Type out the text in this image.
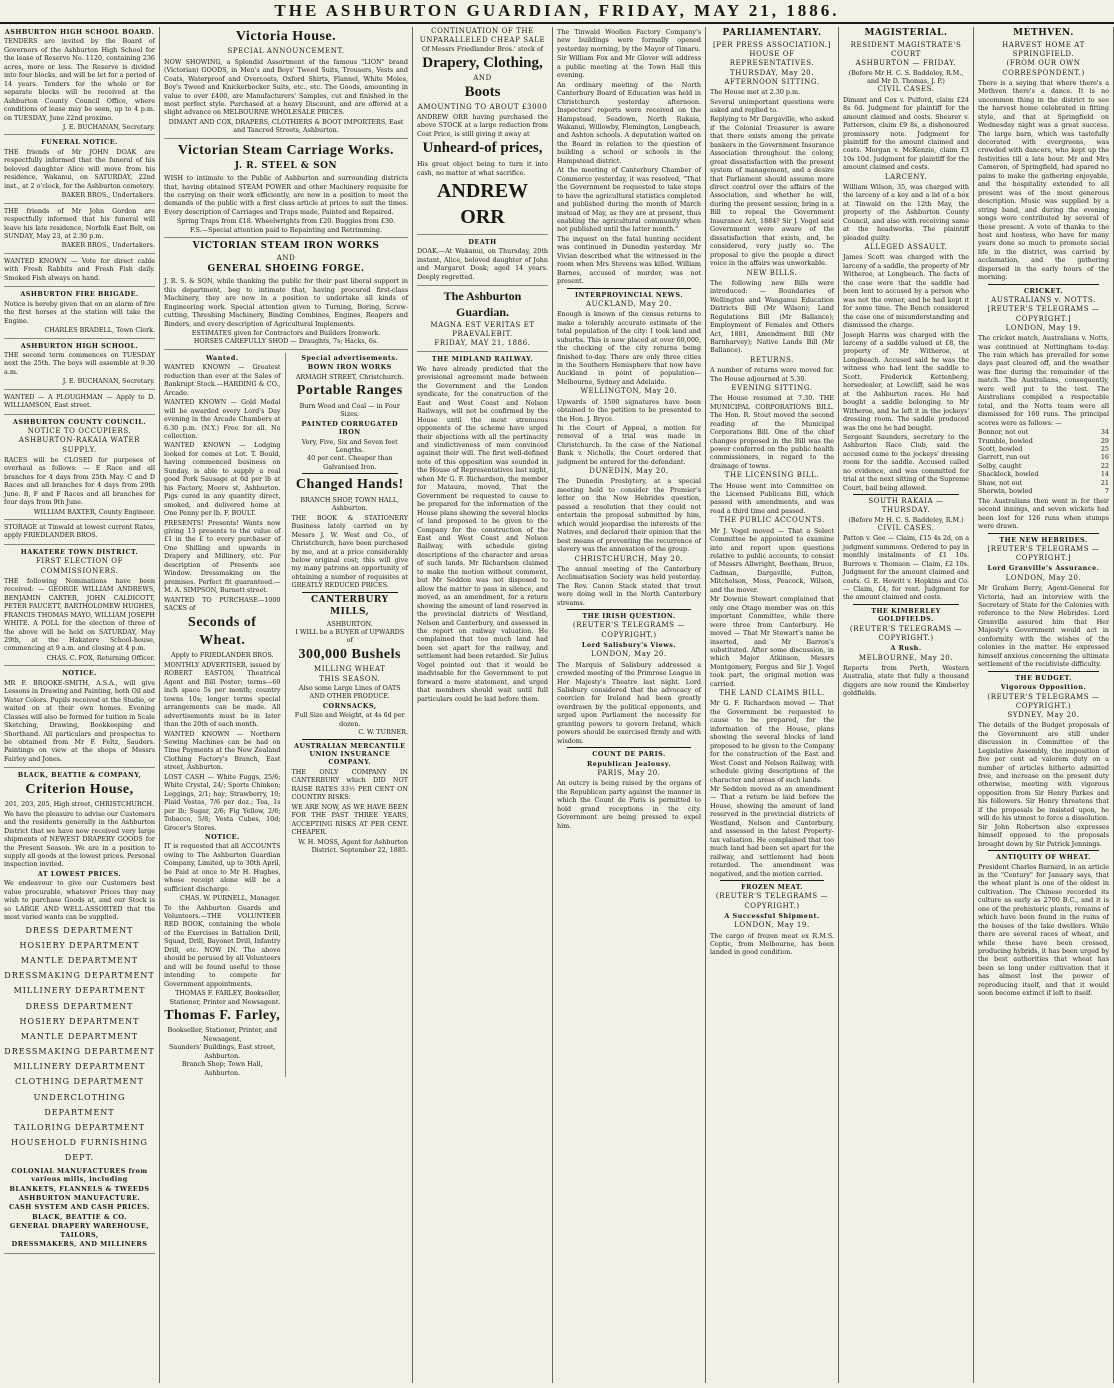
THE ASHBURTON GUARDIAN, FRIDAY, MAY 21, 1886.
ASHBURTON HIGH SCHOOL BOARD.
TENDERS are invited by the Board of Governors of the Ashburton High School for the lease of Reserve No. 1120, containing 236 acres, more or less. The Reserve is divided into four blocks, and will be let for a period of 14 years. Tenders for the whole or for separate blocks will be received at the Ashburton County Council Office, where conditions of lease may be seen, up to 4 p.m. on TUESDAY, June 22nd proximo.
J. E. BUCHANAN, Secretary.
FUNERAL NOTICE.
THE friends of Mr JOHN DOAK are respectfully informed that the funeral of his beloved daughter Alice will move from his residence, Wakanui, on SATURDAY, 22nd inst., at 2 o'clock, for the Ashburton cemetery.
BAKER BROS., Undertakers.
THE friends of Mr John Gordon are respectfully informed that his funeral will leave his late residence, Norfolk East Belt, on SUNDAY, May 23, at 2.30 p.m.
BAKER BROS., Undertakers.
WANTED KNOWN — Vote for direct cable with Fresh Rabbits and Fresh Fish daily. Smoked Fish always on hand.
ASHBURTON FIRE BRIGADE.
Notice is hereby given that on an alarm of fire the first horses at the station will take the Engine.
CHARLES BRADELL, Town Clerk.
ASHBURTON HIGH SCHOOL.
THE second term commences on TUESDAY next the 25th. The boys will assemble at 9.30 a.m.
J. E. BUCHANAN, Secretary.
WANTED — A PLOUGHMAN — Apply to D. WILLIAMSON, East street.
ASHBURTON COUNTY COUNCIL.
NOTICE TO OCCUPIERS.
ASHBURTON-RAKAIA WATER SUPPLY.
RACES will be CLOSED for purposes of overhaul as follows: — E Race and all branches for 4 days from 25th May. C and D Races and all branches for 4 days from 29th June. B, F and F Races and all branches for four days from 9th June.
WILLIAM BAXTER, County Engineer.
STORAGE at Tinwald at lowest current Rates, apply FRIEDLANDER BROS.
HAKATERE TOWN DISTRICT.
FIRST ELECTION OF COMMISSIONERS.
THE following Nominations have been received: — GEORGE WILLIAM ANDREWS, BENJAMIN CARTER, JOHN CALDICOTT, PETER FAUCETT, BARTHOLOMEW HUGHES, FRANCIS THOMAS MAYO, WILLIAM JOSEPH WHITE. A POLL for the election of three of the above will be held on SATURDAY, May 29th, at the Hakatere School-house, commencing at 9 a.m. and closing at 4 p.m.
CHAS. C. FOX, Returning Officer.
NOTICE.
MR F. BROOKE-SMITH, A.S.A., will give Lessons in Drawing and Painting, both Oil and Water Colors. Pupils received at the Studio, or waited on at their own homes. Evening Classes will also be formed for tuition in Scale Sketching, Drawing, Bookkeeping and Shorthand. All particulars and prospectus to be obtained from Mr F. Feltz, Sauders. Paintings on view at the shops of Messrs Fairley and Jones.
BLACK, BEATTIE & COMPANY,
Criterion House,
201, 203, 205, High street, CHRISTCHURCH.
We have the pleasure to advise our Customers and the residents generally in the Ashburton District that we have now received very large shipments of NEWEST DRAPERY GOODS for the Present Season. We are in a position to supply all goods at the lowest prices. Personal inspection invited.
AT LOWEST PRICES.
We endeavour to give our Customers best value procurable, whatever Prices they may wish to purchase Goods at, and our Stock is so LARGE AND WELL-ASSORTED that the most varied wants can be supplied.
DRESS DEPARTMENT
HOSIERY DEPARTMENT
MANTLE DEPARTMENT
DRESSMAKING DEPARTMENT
MILLINERY DEPARTMENT
DRESS DEPARTMENT
HOSIERY DEPARTMENT
MANTLE DEPARTMENT
DRESSMAKING DEPARTMENT
MILLINERY DEPARTMENT
CLOTHING DEPARTMENT
UNDERCLOTHING DEPARTMENT
TAILORING DEPARTMENT
HOUSEHOLD FURNISHING DEPT.
COLONIAL MANUFACTURES from various mills, including
BLANKETS, FLANNELS & TWEEDS
ASHBURTON MANUFACTURE.
CASH SYSTEM AND CASH PRICES.
BLACK, BEATTIE & CO.
GENERAL DRAPERY WAREHOUSE, TAILORS,
DRESSMAKERS, AND MILLINERS
Victoria House.
SPECIAL ANNOUNCEMENT.
NOW SHOWING, a Splendid Assortment of the famous "LION" brand (Victorian) GOODS, in Men's and Boys' Tweed Suits, Trousers, Vests and Coats, Waterproof and Overcoats, Oxford Shirts, Flannel, White Moles, Boy's Tweed and Knickerbocker Suits, etc., etc. The Goods, amounting in value to over £400, are Manufacturers' Samples, cut and finished in the most perfect style. Purchased at a heavy Discount, and are offered at a slight advance on MELBOURNE WHOLESALE PRICES.
DIMANT AND COX, DRAPERS, CLOTHIERS & BOOT IMPORTERS, East and Tancred Streets, Ashburton.
Victorian Steam Carriage Works.
J. R. STEEL & SON
WISH to intimate to the Public of Ashburton and surrounding districts that, having obtained STEAM POWER and other Machinery requisite for the carrying on their work efficiently, are now in a position to meet the demands of the public with a first class article at prices to suit the times. Every description of Carriages and Traps made, Painted and Repaired.
Spring Traps from £18. Wheelwrights from £20. Buggies from £30.
F.S.—Special attention paid to Repainting and Retrimming.
VICTORIAN STEAM IRON WORKS
AND
GENERAL SHOEING FORGE.
J. R. S. & SON, while thanking the public for their past liberal support in this department, beg to intimate that, having procured first-class Machinery, they are now in a position to undertake all kinds of Engineering work. Special attention given to Turning, Boring, Screw-cutting, Threshing Machinery, Binding Combines, Engines, Reapers and Binders, and every description of Agricultural Implements.
ESTIMATES given for Contractors and Builders Ironwork.
HORSES CAREFULLY SHOD — Draughts, 7s; Hacks, 6s.
Wanted.
WANTED KNOWN — Greatest reduction than ever at the Sales of Bankrupt Stock.—HARDING & CO., Arcade.
WANTED KNOWN — Gold Medal will be awarded every Lord's Day evening in the Arcade Chambers at 6.30 p.m. (N.Y.) Free for all. No collection.
WANTED KNOWN — Lodging looked for comes at Lot. T. Bould, having commenced business on Sunday, is able to supply a real good Pork Sausage at 6d per lb at his Factory, Moore st, Ashburton. Pigs cured in any quantity direct, smoked, and delivered home at One Penny per lb. F. BOULT.
PRESENTS! Presents! Wants now giving 13 presents to the value of £1 in the £ to every purchaser of One Shilling and upwards in Drapery and Millinery, etc. For description of Presents see Window. Dressmaking on the premises. Perfect fit guaranteed.—M. A. SIMPSON, Burnett street.
WANTED TO PURCHASE—1000 SACKS of
Seconds of Wheat.
Apply to FRIEDLANDER BROS.
MONTHLY ADVERTISER, issued by ROBERT EASTON, Theatrical Agent and Bill Poster; terms—60 inch space 5s per month; country towns 10s; longer terms special arrangements can be made. All advertisements must be in later than the 20th of each month.
WANTED KNOWN — Northern Sewing Machines can be had on Time Payments at the New Zealand Clothing Factory's Branch, East street, Ashburton.
LOST CASH — White Fuggs, 25/6; White Crystal, 24/; Sports Chinken; Leggings, 2/1; hay; Strawberry, 10; Plaid Vestas, 7/6 per doz.; Tea, 1s per lb; Sugar, 2/6; Fig Yellow, 2/6; Tobacco, 5/8; Vesta Cubes, 10d; Grocer's Stores.
NOTICE.
IT is requested that all ACCOUNTS owing to The Ashburton Guardian Company, Limited, up to 30th April, be Paid at once to Mr H. Hughes, whose receipt alone will be a sufficient discharge.
CHAS. W. PURNELL, Manager.
To the Ashburton Guards and Volunteers.—THE VOLUNTEER RED BOOK, containing the whole of the Exercises in Battalion Drill, Squad, Drill, Bayonet Drill, Infantry Drill, etc. NOW IN. The above should be perused by all Volunteers and will be found useful to those intending to compete for Government appointments.
THOMAS F. FARLEY, Bookseller, Stationer, Printer and Newsagent.
Thomas F. Farley,
Bookseller, Stationer, Printer, and Newsagent,
Saunders' Buildings, East street, Ashburton.
Branch Shop; Town Hall, Ashburton.
Special advertisements.
BOWN IRON WORKS
ARMAGH STREET, Christchurch.
Portable Ranges
Burn Wood and Coal — in Four Sizes.
PAINTED CORRUGATED IRON
Very, Five, Six and Seven feet Lengths.
40 per cent. Cheaper than Galvanised Iron.
Changed Hands!
BRANCH SHOP, TOWN HALL, Ashburton.
THE BOOK & STATIONERY Business lately carried on by Messrs J. W. West and Co., of Christchurch, have been purchased by me, and at a price considerably below original cost; this will give my many patrons an opportunity of obtaining a number of requisites at GREATLY REDUCED PRICES.
CANTERBURY MILLS,
ASHBURTON.
I WILL be a BUYER of UPWARDS of
300,000 Bushels
MILLING WHEAT
THIS SEASON.
Also some Large Lines of OATS AND OTHER PRODUCE.
CORNSACKS,
Full Size and Weight, at 4s 6d per dozen.
C. W. TURNER.
AUSTRALIAN MERCANTILE UNION INSURANCE COMPANY.
THE ONLY COMPANY IN CANTERBURY which DID NOT RAISE RATES 33½ PER CENT ON COUNTRY RISKS.
WE ARE NOW, AS WE HAVE BEEN FOR THE PAST THREE YEARS, ACCEPTING RISKS AT PER CENT. CHEAPER.
W. H. MOSS, Agent for Ashburton District. September 22, 1885.
CONTINUATION OF THE
UNPARALLELED CHEAP SALE
Of Messrs Friedlander Bros.' stock of
Drapery, Clothing,
AND
Boots
AMOUNTING TO ABOUT £3000
ANDREW ORR having purchased the above STOCK at a large reduction from Cost Price, is still giving it away at
Unheard-of prices,
His great object being to turn it into cash, no matter at what sacrifice.
ANDREW ORR
DEATH
DOAK.—At Wakanui, on Thursday, 20th instant, Alice, beloved daughter of John and Margaret Doak; aged 14 years. Deeply regretted.
The Ashburton Guardian.
MAGNA EST VERITAS ET PRAEVALEBIT.
FRIDAY, MAY 21, 1886.
THE MIDLAND RAILWAY.
We have already predicted that the provisional agreement made between the Government and the London syndicate, for the construction of the East and West Coast and Nelson Railways, will not be confirmed by the House until the most strenuous opponents of the scheme have urged their objections with all the pertinacity and vindictiveness of men convinced against their will. The first well-defined note of this opposition was sounded in the House of Representatives last night, when Mr G. F. Richardson, the member for Mataura, moved, That the Government be requested to cause to be prepared for the information of the House plans showing the several blocks of land proposed to be given to the Company for the construction of the East and West Coast and Nelson Railway, with schedule giving descriptions of the character and areas of such lands. Mr Richardson claimed to make the motion without comment, but Mr Seddon was not disposed to allow the matter to pass in silence, and moved, as an amendment, for a return showing the amount of land reserved in the provincial districts of Westland, Nelson and Canterbury, and assessed in the report on railway valuation. He complained that too much land had been set apart for the railway, and settlement had been retarded. Sir Julius Vogel pointed out that it would be inadvisable for the Government to put forward a mere statement, and urged that members should wait until full particulars could be laid before them.
The Tinwald Woollen Factory Company's new buildings were formally opened yesterday morning, by the Mayor of Timaru.
Sir William Fox and Mr Glover will address a public meeting at the Town Hall this evening.
An ordinary meeting of the North Canterbury Board of Education was held in Christchurch yesterday afternoon. Inspectors' reports were received on the Hampstead, Seadown, North Rakaia, Wakanui, Willowby, Flemington, Longbeach, and Ashton schools. A deputation waited on the Board in relation to the question of building a school or schools in the Hampstead district.
At the meeting of Canterbury Chamber of Commerce yesterday, it was resolved, "That the Government be requested to take steps to have the agricultural statistics completed and published during the month of March instead of May, as they are at present, thus enabling the agricultural community when not published until the latter month."
The inquest on the fatal hunting accident was continued in Dunedin yesterday. Mr Vivian described what the witnessed in the room when Mrs Stevens was killed. William Barnes, accused of murder, was not present.
INTERPROVINCIAL NEWS.
AUCKLAND, May 20.
Enough is known of the census returns to make a tolerably accurate estimate of the total population of the city: I took land and suburbs. This is now placed at over 60,000, the checking of the city returns being finished to-day. There are only three cities in the Southern Hemisphere that now have Auckland in point of population—Melbourne, Sydney and Adelaide.
WELLINGTON, May 20.
Upwards of 1500 signatures have been obtained to the petition to be presented to the Hon. J. Bryce.
In the Court of Appeal, a motion for removal of a trial was made in Christchurch. In the case of the National Bank v. Nicholls, the Court ordered that judgment be entered for the defendant.
DUNEDIN, May 20.
The Dunedin Presbytery, at a special meeting held to consider the Premier's letter on the New Hebrides question, passed a resolution that they could not entertain the proposal submitted by him, which would jeopardise the interests of the Natives, and declared their opinion that the best means of preventing the recurrence of slavery was the annexation of the group.
CHRISTCHURCH, May 20.
The annual meeting of the Canterbury Acclimatisation Society was held yesterday. The Rev. Canon Stack stated that trout were doing well in the North Canterbury streams.
THE IRISH QUESTION.
(REUTER'S TELEGRAMS — COPYRIGHT.)
Lord Salisbury's Views.
LONDON, May 20.
The Marquis of Salisbury addressed a crowded meeting of the Primrose League in Her Majesty's Theatre last night. Lord Salisbury considered that the advocacy of coercion for Ireland had been greatly overdrawn by the political opponents, and urged upon Parliament the necessity for granting powers to govern Ireland, which powers should be exercised firmly and with wisdom.
COUNT DE PARIS.
Republican Jealousy.
PARIS, May 20.
An outcry is being raised by the organs of the Republican party against the manner in which the Count de Paris is permitted to hold grand receptions in the city. Government are being pressed to expel him.
PARLIAMENTARY.
[PER PRESS ASSOCIATION.]
HOUSE OF REPRESENTATIVES.
THURSDAY, May 20.
AFTERNOON SITTING.
The House met at 2.30 p.m.
Several unimportant questions were asked and replied to.
Replying to Mr Dargaville, who asked if the Colonial Treasurer is aware that there exists among the private bankers in the Government Insurance Association throughout the colony, great dissatisfaction with the present system of management, and a desire that Parliament should assume more direct control over the affairs of the Association, and whether he will, during the present session, bring in a Bill to repeal the Government Insurance Act, 1884? Sir J. Vogel said Government were aware of the dissatisfaction that exists, and, he considered, very justly so. The proposal to give the people a direct voice in the affairs was unworkable.
NEW BILLS.
The following new Bills were introduced: — Boundaries of Wellington and Wanganui Education Districts Bill (Mr Wilson); Land Regulations Bill (Mr Ballance); Employment of Females and Others Act, 1881, Amendment Bill (Mr Barnharvey); Native Lands Bill (Mr Ballance).
RETURNS.
A number of returns were moved for. The House adjourned at 5.30.
EVENING SITTING.
The House resumed at 7.30. THE MUNICIPAL CORPORATIONS BILL. The Hon. R. Stout moved the second reading of the Municipal Corporations Bill. One of the chief changes proposed in the Bill was the power conferred on the public health commissioners, in regard to the drainage of towns.
THE LICENSING BILL.
The House went into Committee on the Licensed Publicans Bill, which passed with amendments, and was read a third time and passed.
THE PUBLIC ACCOUNTS.
Mr J. Vogel moved — That a Select Committee be appointed to examine into and report upon questions relative to public accounts, to consist of Messrs Allwright, Beetham, Bruce, Cadman, Dargaville, Fulton, Mitchelson, Moss, Peacock, Wilson, and the mover.
Mr Downie Stewart complained that only one Otago member was on this important Committee, while there were three from Canterbury. He moved — That Mr Stewart's name be inserted, and Mr Barron's substituted. After some discussion, in which Major Atkinson, Messrs Montgomery, Fergus and Sir J. Vogel took part, the original motion was carried.
THE LAND CLAIMS BILL.
Mr G. F. Richardson moved — That the Government be requested to cause to be prepared, for the information of the House, plans showing the several blocks of land proposed to be given to the Company for the construction of the East and West Coast and Nelson Railway, with schedule giving descriptions of the character and areas of such lands.
Mr Seddon moved as an amendment — That a return be laid before the House, showing the amount of land reserved in the provincial districts of Westland, Nelson and Canterbury, and assessed in the latest Property-tax valuation. He complained that too much land had been set apart for the railway, and settlement had been retarded. The amendment was negatived, and the motion carried.
FROZEN MEAT.
(REUTER'S TELEGRAMS — COPYRIGHT.)
A Successful Shipment.
LONDON, May 19.
The cargo of frozen meat ex R.M.S. Coptic, from Melbourne, has been landed in good condition.
MAGISTERIAL.
RESIDENT MAGISTRATE'S COURT
ASHBURTON — FRIDAY.
(Before Mr H. C. S. Baddeley, R.M., and Mr D. Thomas, J. P.)
CIVIL CASES.
Dimant and Cox v. Pulford, claim £24 8s 6d. Judgment for plaintiff for the amount claimed and costs. Shearer v. Patterson, claim £9 8s, a dishonoured promissory note. Judgment for plaintiff for the amount claimed and costs. Morgan v. McKenzie, claim £3 10s 10d. Judgment for plaintiff for the amount claimed and costs.
LARCENY.
William Wilson, 35, was charged with the larceny of a key and a lid of a box at Tinwald on the 12th May, the property of the Ashburton County Council, and also with receiving same at the headworks. The plaintiff pleaded guilty.
ALLEGED ASSAULT.
James Scott was charged with the larceny of a saddle, the property of Mr Witheroe, at Longbeach. The facts of the case were that the saddle had been lent to accused by a person who was not the owner, and he had kept it for some time. The Bench considered the case one of misunderstanding and dismissed the charge.
Joseph Harris was charged with the larceny of a saddle valued at £8, the property of Mr Witheroe, at Longbeach. Accused said he was the witness who had lent the saddle to Scott. Frederick Kettenberg, horsedealer, at Lowcliff, said he was at the Ashburton races. He had bought a saddle belonging to Mr Witheroe, and he left it in the jockeys' dressing room. The saddle produced was the one he had bought.
Sergeant Saunders, secretary to the Ashburton Race Club, said the accused came to the jockeys' dressing room for the saddle. Accused called no evidence, and was committed for trial at the next sitting of the Supreme Court, bail being allowed.
SOUTH RAKAIA — THURSDAY.
(Before Mr H. C. S. Baddeley, R.M.)
CIVIL CASES.
Patton v. Gee — Claim, £15 4s 2d, on a judgment summons. Ordered to pay in monthly instalments of £1 10s. Burrows v. Thomson — Claim, £2 10s. Judgment for the amount claimed and costs. G. E. Hewitt v. Hopkins and Co. — Claim, £4, for rent. Judgment for the amount claimed and costs.
THE KIMBERLEY GOLDFIELDS.
(REUTER'S TELEGRAMS — COPYRIGHT.)
A Rush.
MELBOURNE, May 20.
Reports from Perth, Western Australia, state that fully a thousand diggers are now round the Kimberley goldfields.
METHVEN.
HARVEST HOME AT SPRINGFIELD.
(FROM OUR OWN CORRESPONDENT.)
There is a saying that where there's a Methven there's a dance. It is no uncommon thing in the district to see the harvest home celebrated in fitting style, and that at Springfield on Wednesday night was a great success. The large barn, which was tastefully decorated with evergreens, was crowded with dancers, who kept up the festivities till a late hour. Mr and Mrs Cameron, of Springfield, had spared no pains to make the gathering enjoyable, and the hospitality extended to all present was of the most generous description. Music was supplied by a string band, and during the evening songs were contributed by several of those present. A vote of thanks to the host and hostess, who have for many years done so much to promote social life in the district, was carried by acclamation, and the gathering dispersed in the early hours of the morning.
CRICKET.
AUSTRALIANS v. NOTTS.
[REUTER'S TELEGRAMS — COPYRIGHT.]
LONDON, May 19.
The cricket match, Australians v. Notts, was continued at Nottingham to-day. The rain which has prevailed for some days past cleared off, and the weather was fine during the remainder of the match. The Australians, consequently, were well put to the test. The Australians compiled a respectable total, and the Notts team were all dismissed for 160 runs. The principal scores were as follows: —
Bonnor, not out	34
Trumble, bowled	29
Scott, bowled	25
Garrett, run out	16
Selby, caught	22
Shacklock, bowled	14
Shaw, not out	21
Sherwin, bowled	7
The Australians then went in for their second innings, and seven wickets had been lost for 126 runs when stumps were drawn.
THE NEW HEBRIDES.
[REUTER'S TELEGRAMS — COPYRIGHT.]
Lord Granville's Assurance.
LONDON, May 20.
Mr Graham Berry, Agent-General for Victoria, had an interview with the Secretary of State for the Colonies with reference to the New Hebrides. Lord Granville assured him that Her Majesty's Government would act in conformity with the wishes of the colonies in the matter. He expressed himself anxious concerning the ultimate settlement of the recidiviste difficulty.
THE BUDGET.
Vigorous Opposition.
(REUTER'S TELEGRAMS — COPYRIGHT.)
SYDNEY, May 20.
The details of the Budget proposals of the Government are still under discussion in Committee of the Legislative Assembly, the imposition of five per cent ad valorem duty on a number of articles hitherto admitted free, and increase on the present duty otherwise, meeting with vigorous opposition from Sir Henry Parkes and his followers. Sir Henry threatens that if the proposals be insisted upon, he will do his utmost to force a dissolution. Sir John Robertson also expresses himself opposed to the proposals brought down by Sir Patrick Jennings.
ANTIQUITY OF WHEAT.
President Charles Barnard, in an article in the "Century" for January says, that the wheat plant is one of the oldest in cultivation. The Chinese recorded its culture as early as 2700 B.C., and it is one of the prehistoric plants, remains of which have been found in the ruins of the houses of the lake dwellers. While there are several races of wheat, and while these have been crossed, producing hybrids, it has been urged by the best authorities that wheat has been so long under cultivation that it has almost lost the power of reproducing itself, and that it would soon become extinct if left to itself.
